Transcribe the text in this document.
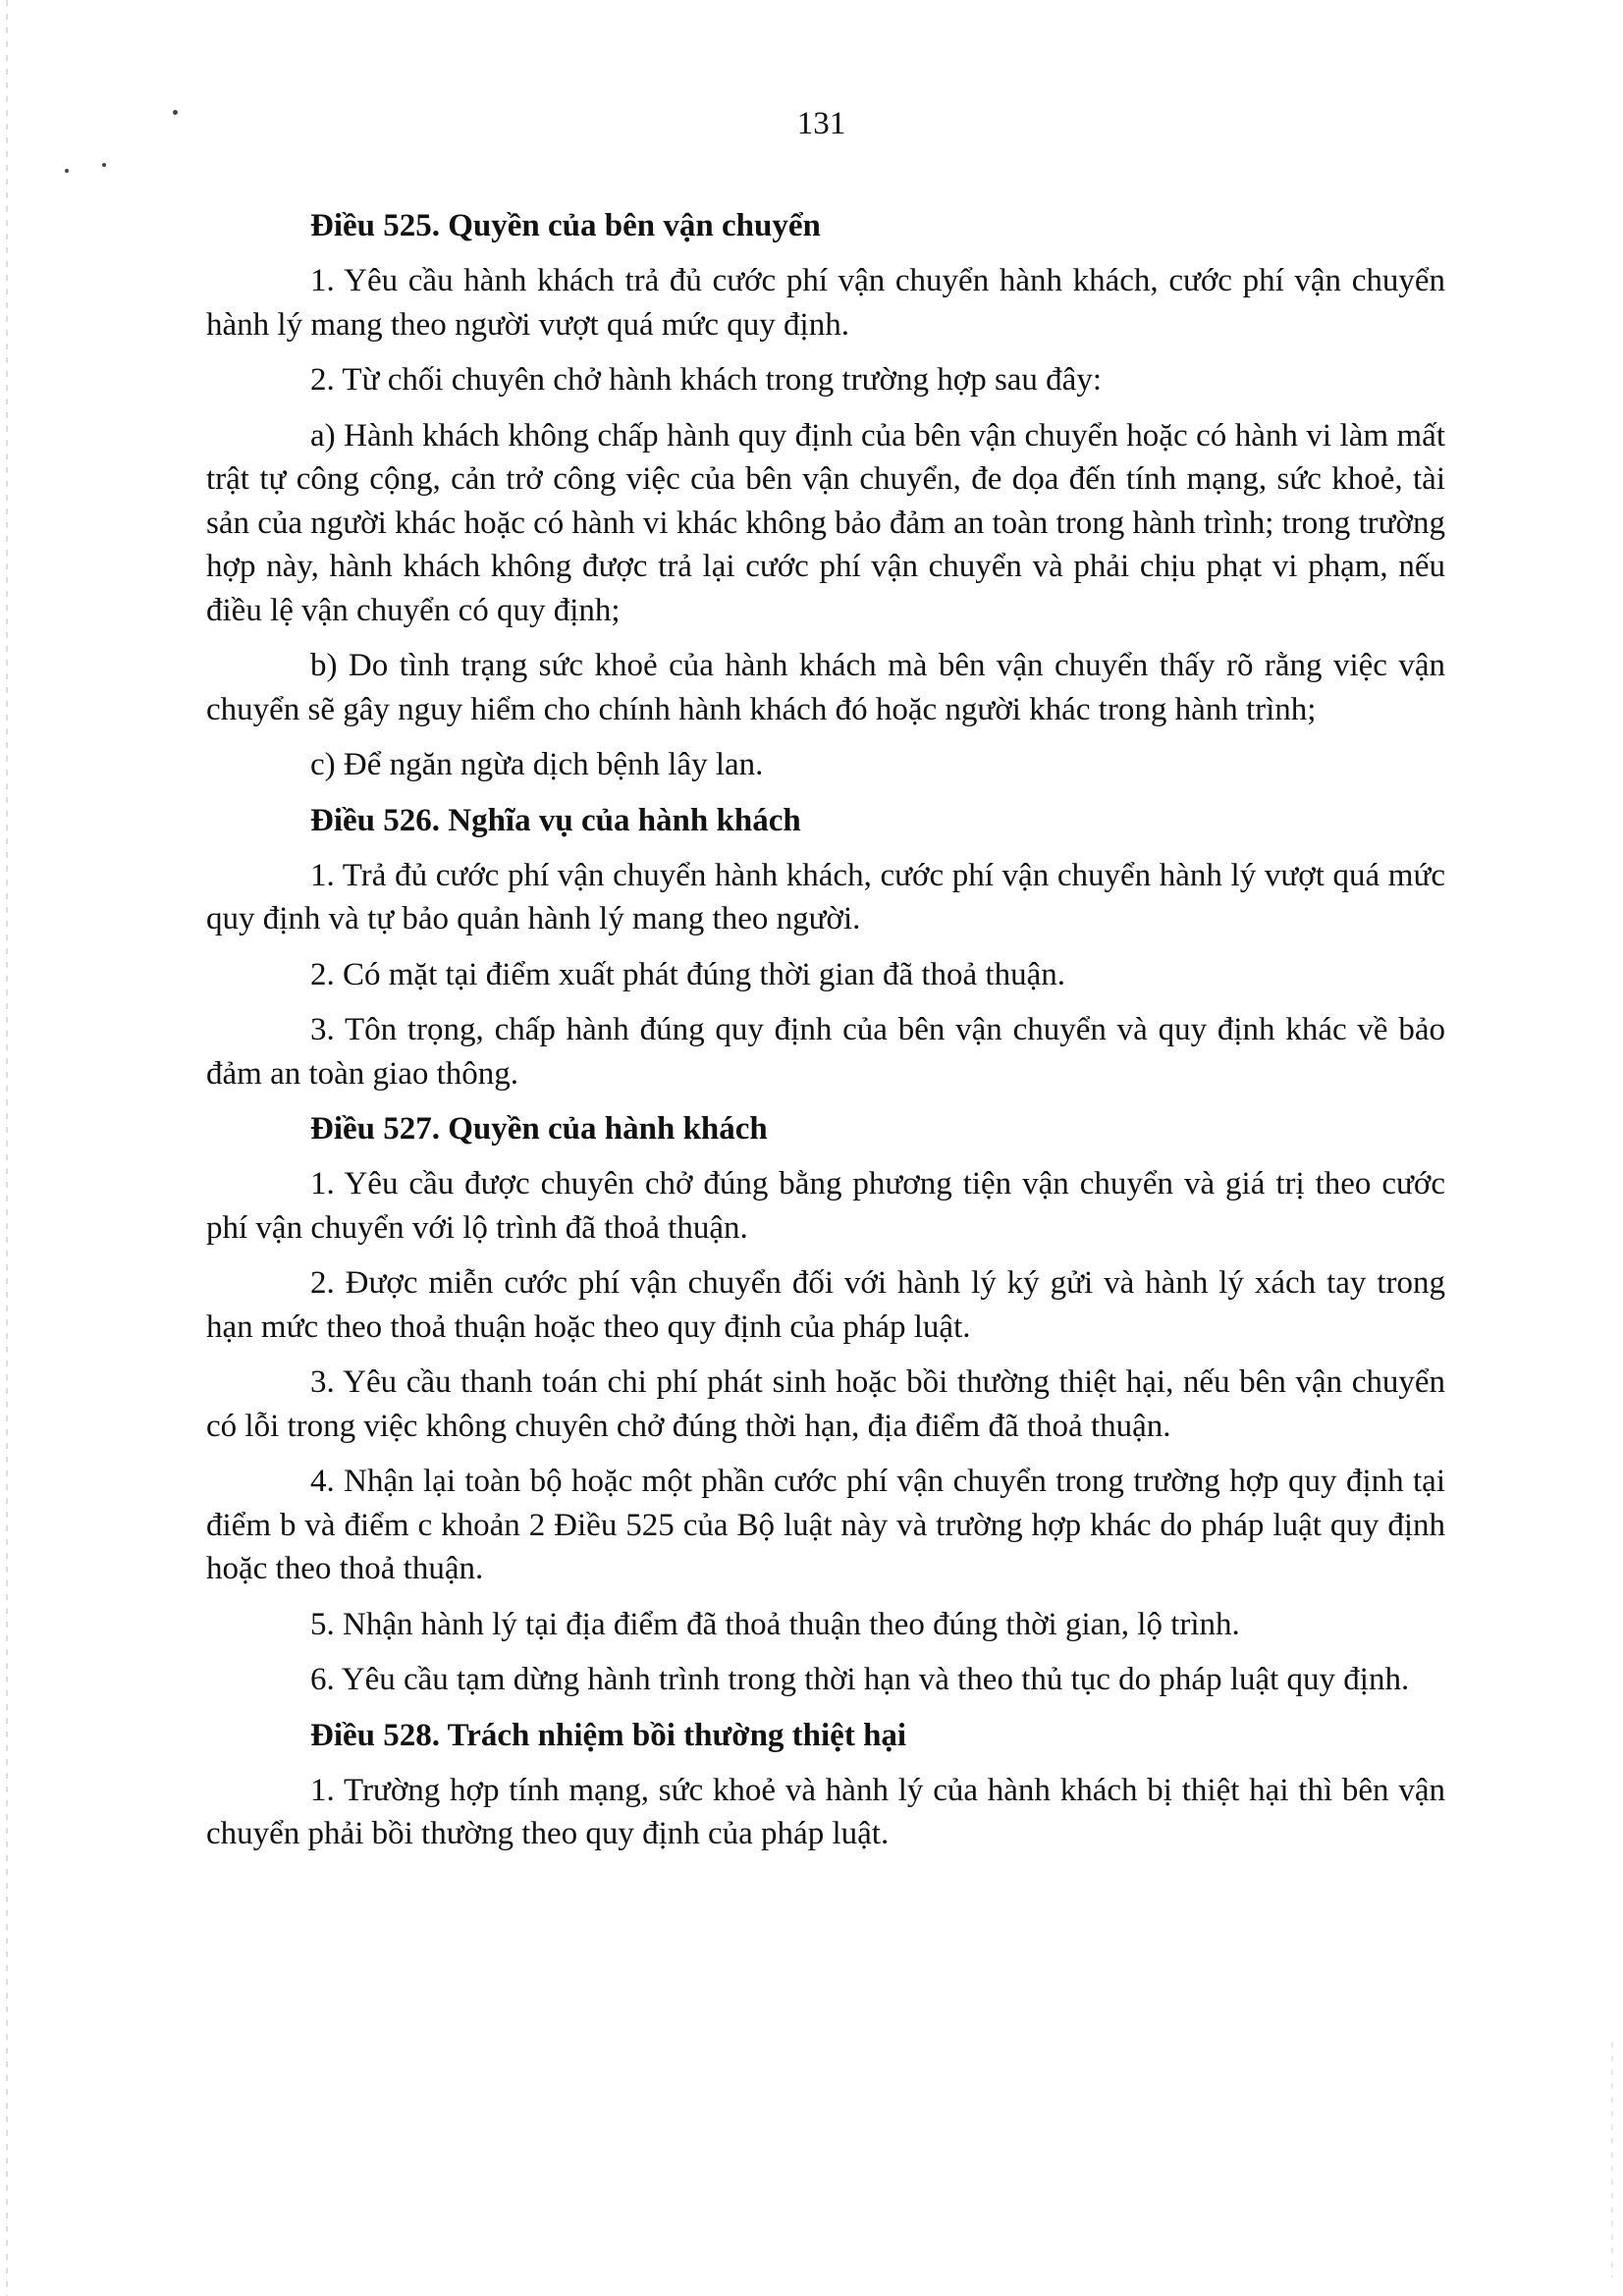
131
Điều 525. Quyền của bên vận chuyển

1. Yêu cầu hành khách trả đủ cước phí vận chuyển hành khách, cước phí vận chuyển hành lý mang theo người vượt quá mức quy định.

2. Từ chối chuyên chở hành khách trong trường hợp sau đây:

a) Hành khách không chấp hành quy định của bên vận chuyển hoặc có hành vi làm mất trật tự công cộng, cản trở công việc của bên vận chuyển, đe dọa đến tính mạng, sức khoẻ, tài sản của người khác hoặc có hành vi khác không bảo đảm an toàn trong hành trình; trong trường hợp này, hành khách không được trả lại cước phí vận chuyển và phải chịu phạt vi phạm, nếu điều lệ vận chuyển có quy định;

b) Do tình trạng sức khoẻ của hành khách mà bên vận chuyển thấy rõ rằng việc vận chuyển sẽ gây nguy hiểm cho chính hành khách đó hoặc người khác trong hành trình;

c) Để ngăn ngừa dịch bệnh lây lan.

Điều 526. Nghĩa vụ của hành khách

1. Trả đủ cước phí vận chuyển hành khách, cước phí vận chuyển hành lý vượt quá mức quy định và tự bảo quản hành lý mang theo người.

2. Có mặt tại điểm xuất phát đúng thời gian đã thoả thuận.

3. Tôn trọng, chấp hành đúng quy định của bên vận chuyển và quy định khác về bảo đảm an toàn giao thông.

Điều 527. Quyền của hành khách

1. Yêu cầu được chuyên chở đúng bằng phương tiện vận chuyển và giá trị theo cước phí vận chuyển với lộ trình đã thoả thuận.

2. Được miễn cước phí vận chuyển đối với hành lý ký gửi và hành lý xách tay trong hạn mức theo thoả thuận hoặc theo quy định của pháp luật.

3. Yêu cầu thanh toán chi phí phát sinh hoặc bồi thường thiệt hại, nếu bên vận chuyển có lỗi trong việc không chuyên chở đúng thời hạn, địa điểm đã thoả thuận.

4. Nhận lại toàn bộ hoặc một phần cước phí vận chuyển trong trường hợp quy định tại điểm b và điểm c khoản 2 Điều 525 của Bộ luật này và trường hợp khác do pháp luật quy định hoặc theo thoả thuận.

5. Nhận hành lý tại địa điểm đã thoả thuận theo đúng thời gian, lộ trình.

6. Yêu cầu tạm dừng hành trình trong thời hạn và theo thủ tục do pháp luật quy định.

Điều 528. Trách nhiệm bồi thường thiệt hại

1. Trường hợp tính mạng, sức khoẻ và hành lý của hành khách bị thiệt hại thì bên vận chuyển phải bồi thường theo quy định của pháp luật.
